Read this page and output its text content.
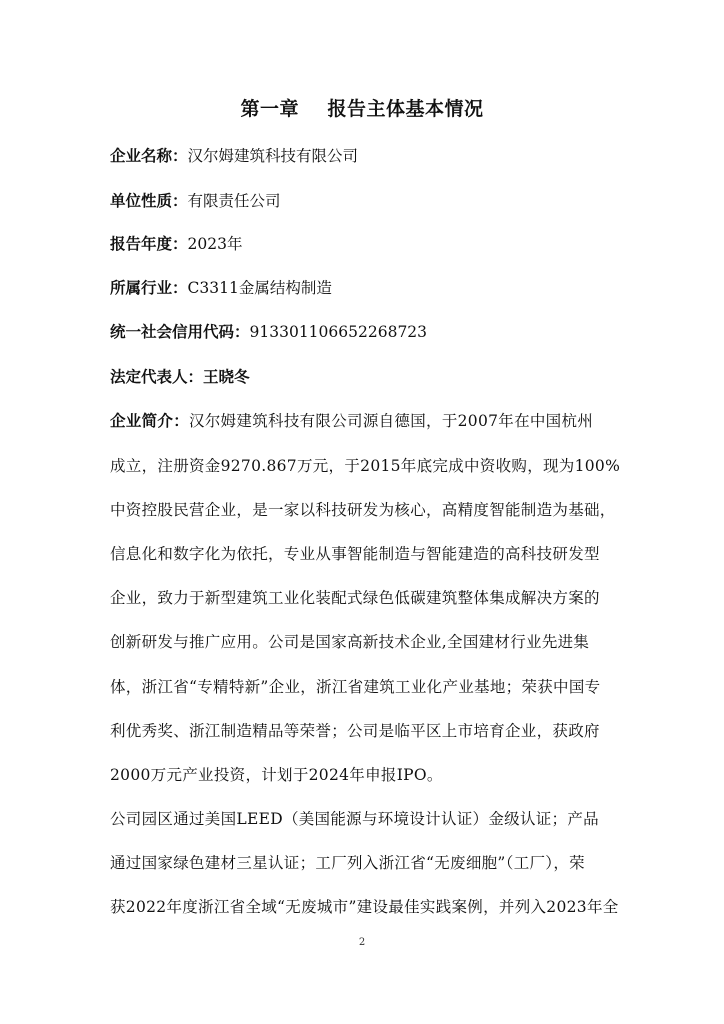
第一章    报告主体基本情况
企业名称：汉尔姆建筑科技有限公司
单位性质：有限责任公司
报告年度：2023年
所属行业：C3311金属结构制造
统一社会信用代码：913301106652268723
法定代表人：王晓冬
企业简介：汉尔姆建筑科技有限公司源自德国，于2007年在中国杭州
成立，注册资金9270.867万元，于2015年底完成中资收购，现为100%
中资控股民营企业，是一家以科技研发为核心，高精度智能制造为基础，
信息化和数字化为依托，专业从事智能制造与智能建造的高科技研发型
企业，致力于新型建筑工业化装配式绿色低碳建筑整体集成解决方案的
创新研发与推广应用。公司是国家高新技术企业,全国建材行业先进集
体，浙江省“专精特新”企业，浙江省建筑工业化产业基地；荣获中国专
利优秀奖、浙江制造精品等荣誉；公司是临平区上市培育企业，获政府
2000万元产业投资，计划于2024年申报IPO。
公司园区通过美国LEED（美国能源与环境设计认证）金级认证；产品
通过国家绿色建材三星认证；工厂列入浙江省“无废细胞”（工厂），荣
获2022年度浙江省全域“无废城市”建设最佳实践案例，并列入2023年全
2
